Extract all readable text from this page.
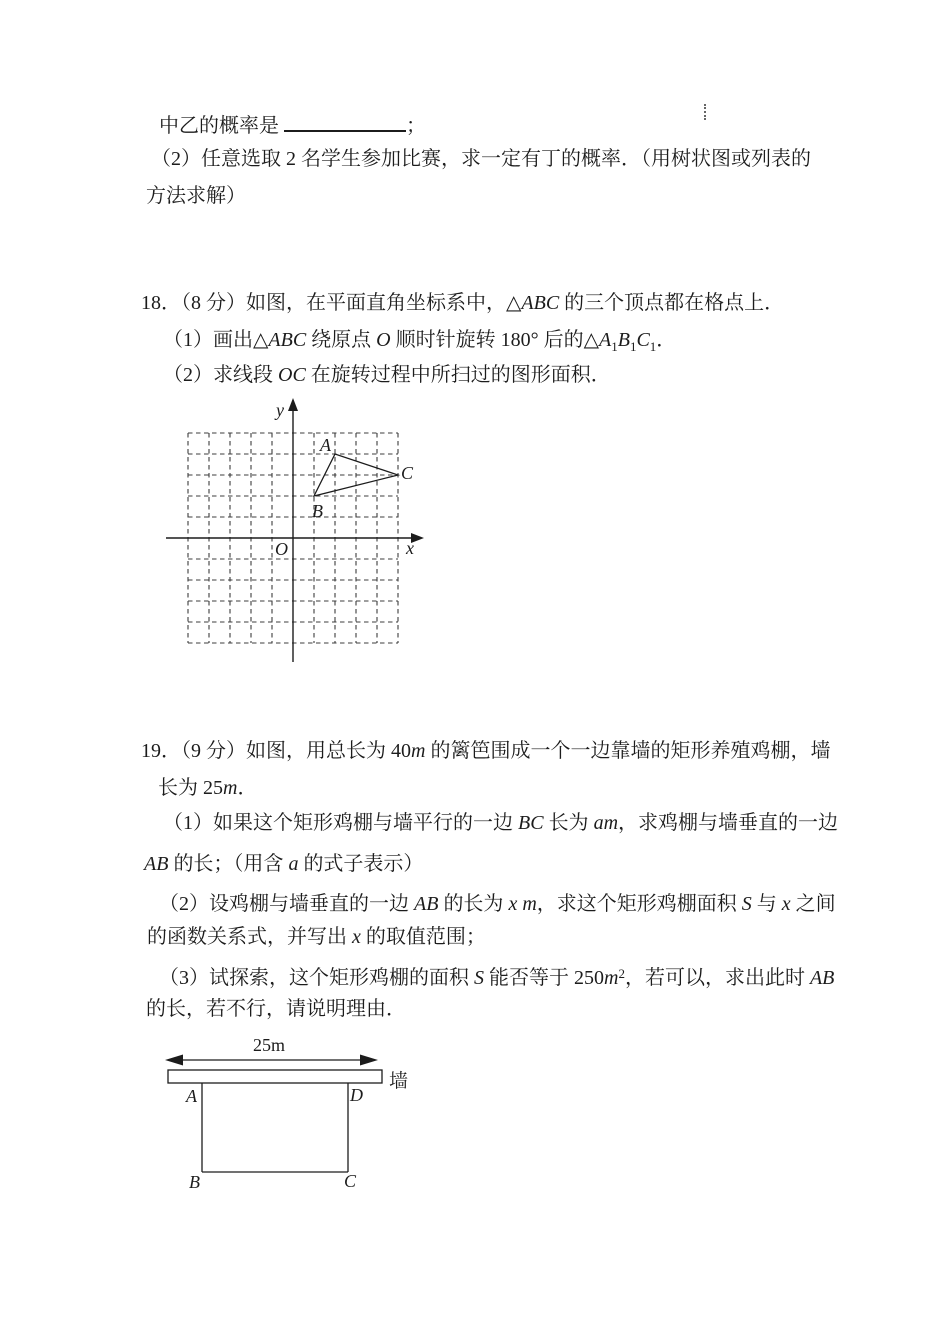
中乙的概率是	；
（2）任意选取 2 名学生参加比赛，求一定有丁的概率．（用树状图或列表的
方法求解）
18．（8 分）如图，在平面直角坐标系中，△ABC 的三个顶点都在格点上．
（1）画出△ABC 绕原点 O 顺时针旋转 180° 后的$\triangle A_1B_1C_1$．
（2）求线段 OC 在旋转过程中所扫过的图形面积．
y
x
O
A
B
C
19．（9 分）如图，用总长为 40m 的篱笆围成一个一边靠墙的矩形养殖鸡棚，墙
长为 25m．
（1）如果这个矩形鸡棚与墙平行的一边 BC 长为 am，求鸡棚与墙垂直的一边
AB 的长；（用含 a 的式子表示）
（2）设鸡棚与墙垂直的一边 AB 的长为 x m，求这个矩形鸡棚面积 S 与 x 之间
的函数关系式，并写出 x 的取值范围；
（3）试探索，这个矩形鸡棚的面积 S 能否等于 $250m^2$，若可以，求出此时 AB
的长，若不行，请说明理由．
25m
墙
A	D
B	C
